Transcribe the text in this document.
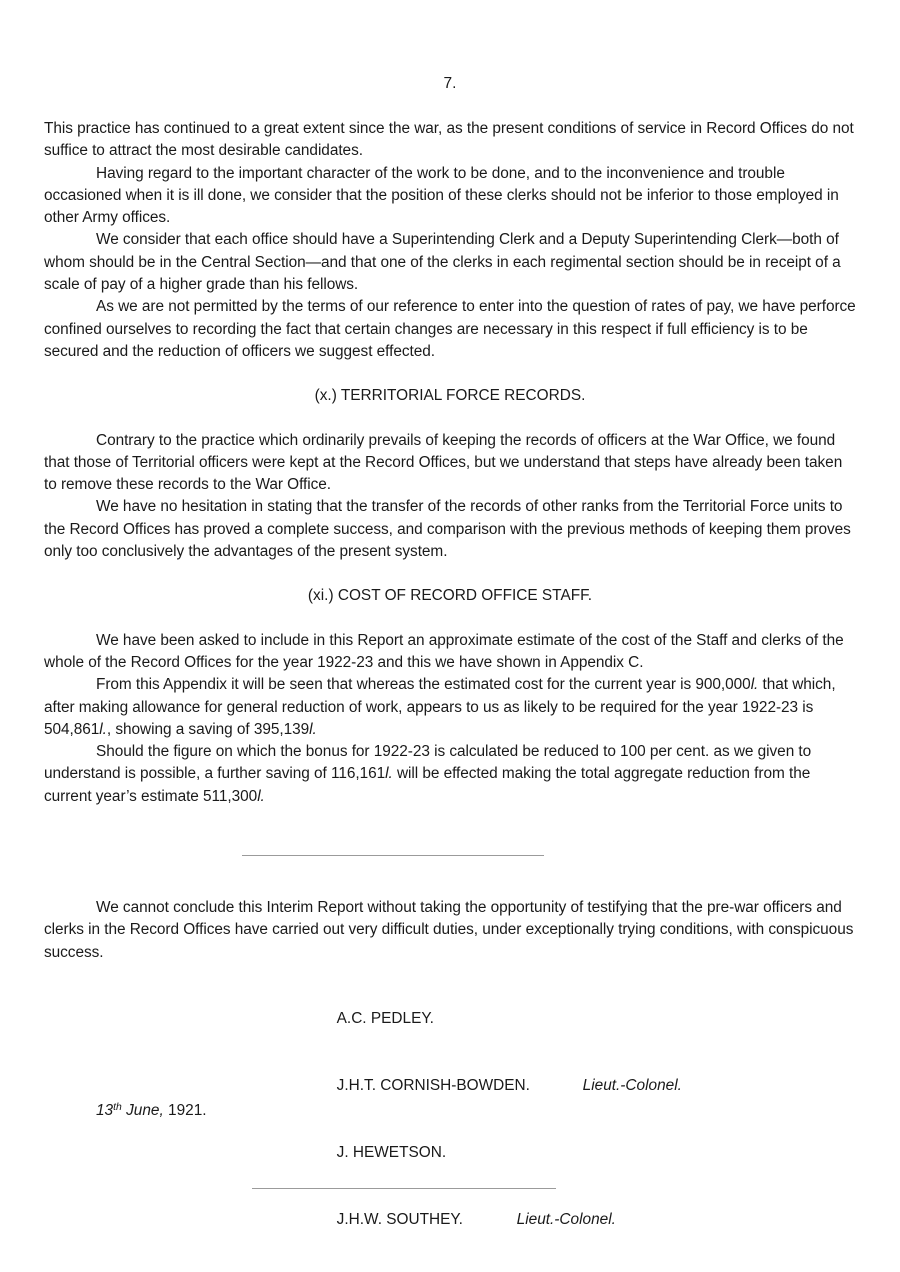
7.

This practice has continued to a great extent since the war, as the present conditions of service in Record Offices do not suffice to attract the most desirable candidates.

Having regard to the important character of the work to be done, and to the inconvenience and trouble occasioned when it is ill done, we consider that the position of these clerks should not be inferior to those employed in other Army offices.

We consider that each office should have a Superintending Clerk and a Deputy Superintending Clerk—both of whom should be in the Central Section—and that one of the clerks in each regimental section should be in receipt of a scale of pay of a higher grade than his fellows.

As we are not permitted by the terms of our reference to enter into the question of rates of pay, we have perforce confined ourselves to recording the fact that certain changes are necessary in this respect if full efficiency is to be secured and the reduction of officers we suggest effected.

(x.) TERRITORIAL FORCE RECORDS.

Contrary to the practice which ordinarily prevails of keeping the records of officers at the War Office, we found that those of Territorial officers were kept at the Record Offices, but we understand that steps have already been taken to remove these records to the War Office.

We have no hesitation in stating that the transfer of the records of other ranks from the Territorial Force units to the Record Offices has proved a complete success, and comparison with the previous methods of keeping them proves only too conclusively the advantages of the present system.

(xi.) COST OF RECORD OFFICE STAFF.

We have been asked to include in this Report an approximate estimate of the cost of the Staff and clerks of the whole of the Record Offices for the year 1922-23 and this we have shown in Appendix C.

From this Appendix it will be seen that whereas the estimated cost for the current year is 900,000l. that which, after making allowance for general reduction of work, appears to us as likely to be required for the year 1922-23 is 504,861l., showing a saving of 395,139l.

Should the figure on which the bonus for 1922-23 is calculated be reduced to 100 per cent. as we given to understand is possible, a further saving of 116,161l. will be effected making the total aggregate reduction from the current year’s estimate 511,300l.

We cannot conclude this Interim Report without taking the opportunity of testifying that the pre-war officers and clerks in the Record Offices have carried out very difficult duties, under exceptionally trying conditions, with conspicuous success.

A.C. PEDLEY.

J.H.T. CORNISH-BOWDEN.	Lieut.-Colonel.

J. HEWETSON.

J.H.W. SOUTHEY.	Lieut.-Colonel.

13th June, 1921.
